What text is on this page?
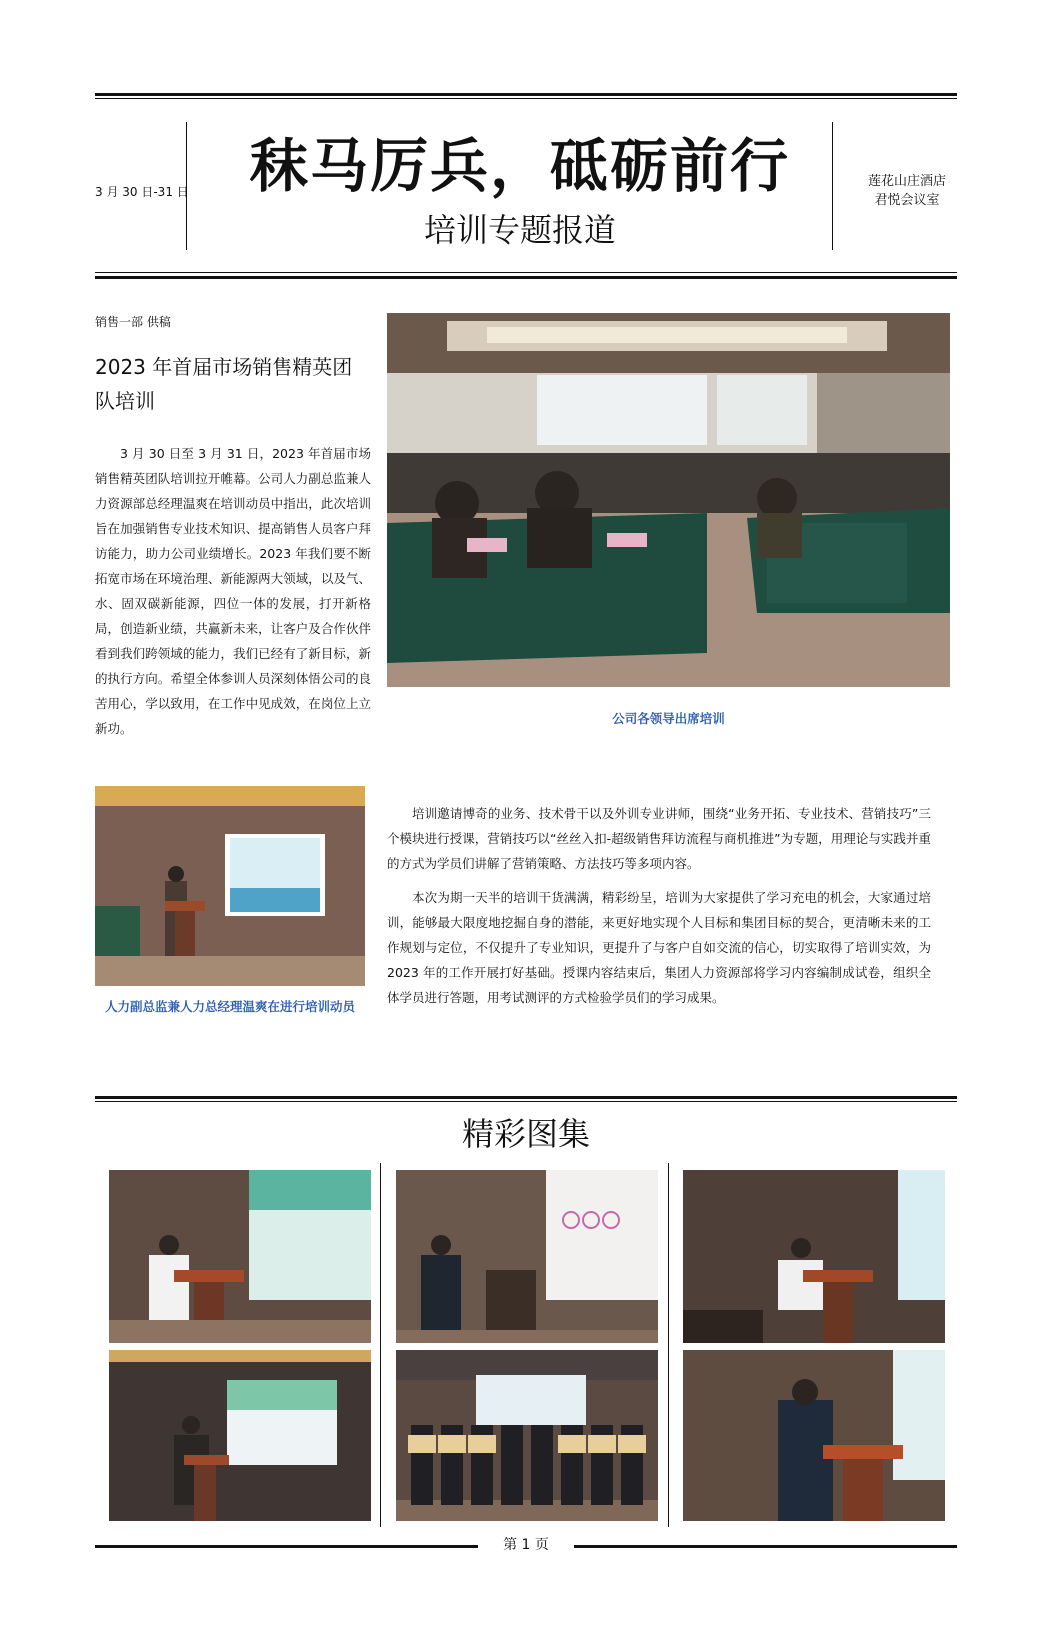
3 月 30 日-31 日	秣马厉兵，砥砺前行
培训专题报道
莲花山庄酒店
君悦会议室
销售一部 供稿
2023 年首届市场销售精英团队培训
3 月 30 日至 3 月 31 日，2023 年首届市场销售精英团队培训拉开帷幕。公司人力副总监兼人力资源部总经理温爽在培训动员中指出，此次培训旨在加强销售专业技术知识、提高销售人员客户拜访能力，助力公司业绩增长。2023 年我们要不断拓宽市场在环境治理、新能源两大领域，以及气、水、固双碳新能源，四位一体的发展，打开新格局，创造新业绩，共赢新未来，让客户及合作伙伴看到我们跨领域的能力，我们已经有了新目标，新的执行方向。希望全体参训人员深刻体悟公司的良苦用心，学以致用，在工作中见成效，在岗位上立新功。
公司各领导出席培训
人力副总监兼人力总经理温爽在进行培训动员
培训邀请博奇的业务、技术骨干以及外训专业讲师，围绕“业务开拓、专业技术、营销技巧”三个模块进行授课，营销技巧以“丝丝入扣-超级销售拜访流程与商机推进”为专题，用理论与实践并重的方式为学员们讲解了营销策略、方法技巧等多项内容。
本次为期一天半的培训干货满满，精彩纷呈，培训为大家提供了学习充电的机会，大家通过培训，能够最大限度地挖掘自身的潜能，来更好地实现个人目标和集团目标的契合，更清晰未来的工作规划与定位，不仅提升了专业知识，更提升了与客户自如交流的信心，切实取得了培训实效，为 2023 年的工作开展打好基础。授课内容结束后，集团人力资源部将学习内容编制成试卷，组织全体学员进行答题，用考试测评的方式检验学员们的学习成果。
精彩图集
第 1 页
